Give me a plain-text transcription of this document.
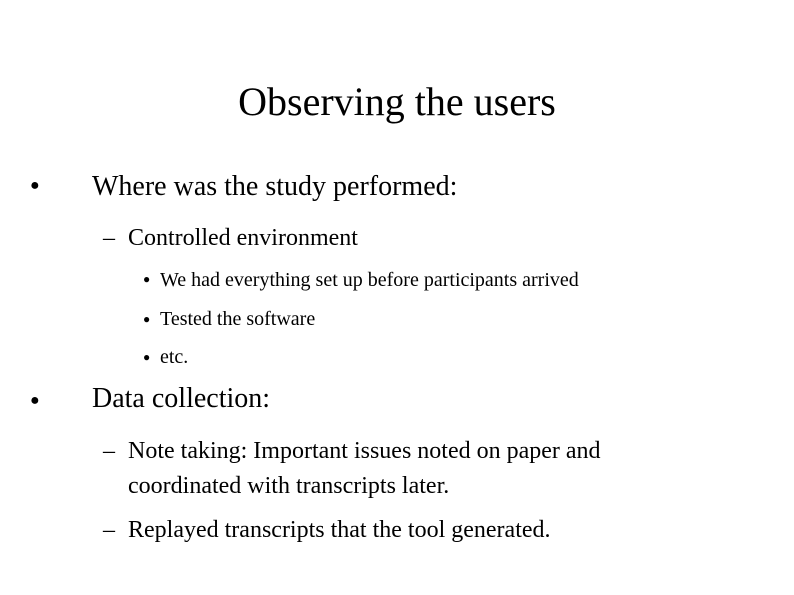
Observing the users
● Where was the study performed:
– Controlled environment
● We had everything set up before participants arrived
● Tested the software
● etc.
● Data collection:
– Note taking: Important issues noted on paper and
coordinated with transcripts later.
– Replayed transcripts that the tool generated.
